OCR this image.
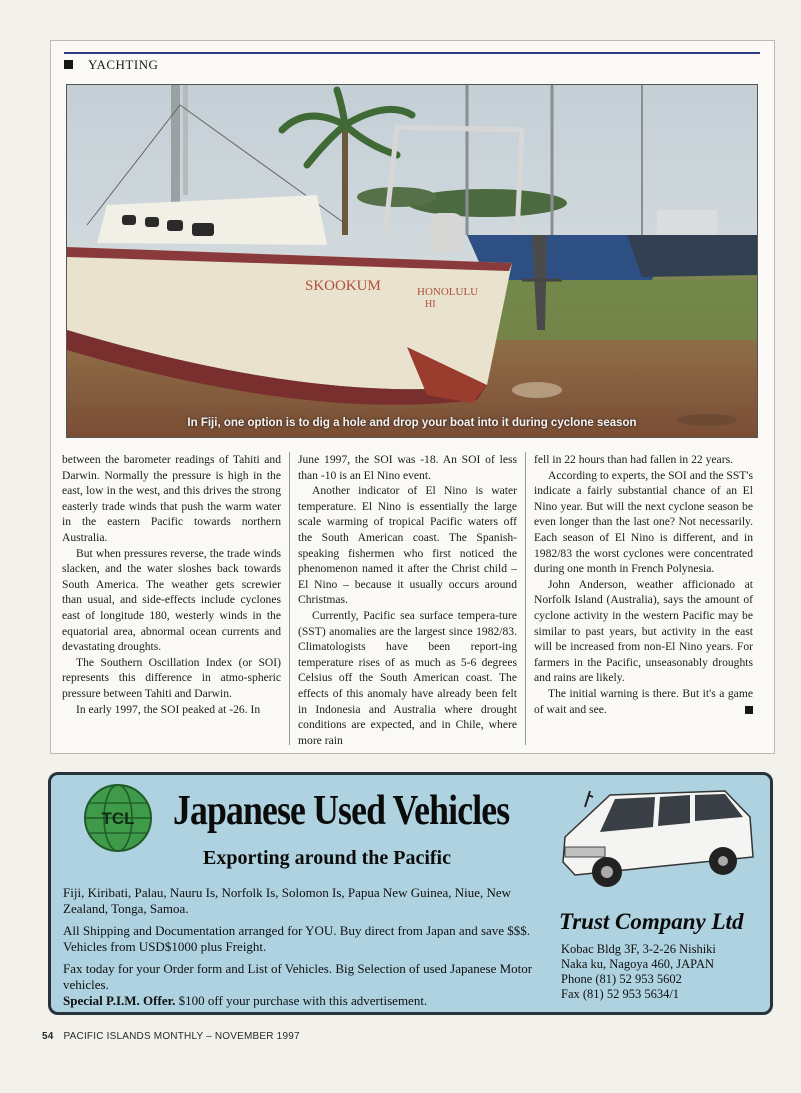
YACHTING
SKOOKUM	HONOLULU
HI
In Fiji, one option is to dig a hole and drop your boat into it during cyclone season

between the barometer readings of Tahiti and Darwin. Normally the pressure is high in the east, low in the west, and this drives the strong easterly trade winds that push the warm water in the eastern Pacific towards northern Australia.

But when pressures reverse, the trade winds slacken, and the water sloshes back towards South America. The weather gets screwier than usual, and side-effects include cyclones east of longitude 180, westerly winds in the equatorial area, abnormal ocean currents and devastating droughts.

The Southern Oscillation Index (or SOI) represents this difference in atmo-spheric pressure between Tahiti and Darwin.

In early 1997, the SOI peaked at -26. In

June 1997, the SOI was -18. An SOI of less than -10 is an El Nino event.

Another indicator of El Nino is water temperature. El Nino is essentially the large scale warming of tropical Pacific waters off the South American coast. The Spanish-speaking fishermen who first noticed the phenomenon named it after the Christ child – El Nino – because it usually occurs around Christmas.

Currently, Pacific sea surface tempera-ture (SST) anomalies are the largest since 1982/83. Climatologists have been report-ing temperature rises of as much as 5-6 degrees Celsius off the South American coast. The effects of this anomaly have already been felt in Indonesia and Australia where drought conditions are expected, and in Chile, where more rain

fell in 22 hours than had fallen in 22 years.

According to experts, the SOI and the SST's indicate a fairly substantial chance of an El Nino year. But will the next cyclone season be even longer than the last one? Not necessarily. Each season of El Nino is different, and in 1982/83 the worst cyclones were concentrated during one month in French Polynesia.

John Anderson, weather afficionado at Norfolk Island (Australia), says the amount of cyclone activity in the western Pacific may be similar to past years, but activity in the east will be increased from non-El Nino years. For farmers in the Pacific, unseasonably droughts and rains are likely.

The initial warning is there. But it's a game of wait and see.

TCL Japanese Used Vehicles
Exporting around the Pacific
Fiji, Kiribati, Palau, Nauru Is, Norfolk Is, Solomon Is, Papua New Guinea, Niue, New Zealand, Tonga, Samoa.
All Shipping and Documentation arranged for YOU. Buy direct from Japan and save $$$. Vehicles from USD$1000 plus Freight.
Fax today for your Order form and List of Vehicles. Big Selection of used Japanese Motor vehicles.
Special P.I.M. Offer. $100 off your purchase with this advertisement.
Trust Company Ltd
Kobac Bldg 3F, 3-2-26 Nishiki
Naka ku, Nagoya 460, JAPAN
Phone (81) 52 953 5602
Fax (81) 52 953 5634/1
54 PACIFIC ISLANDS MONTHLY – NOVEMBER 1997
